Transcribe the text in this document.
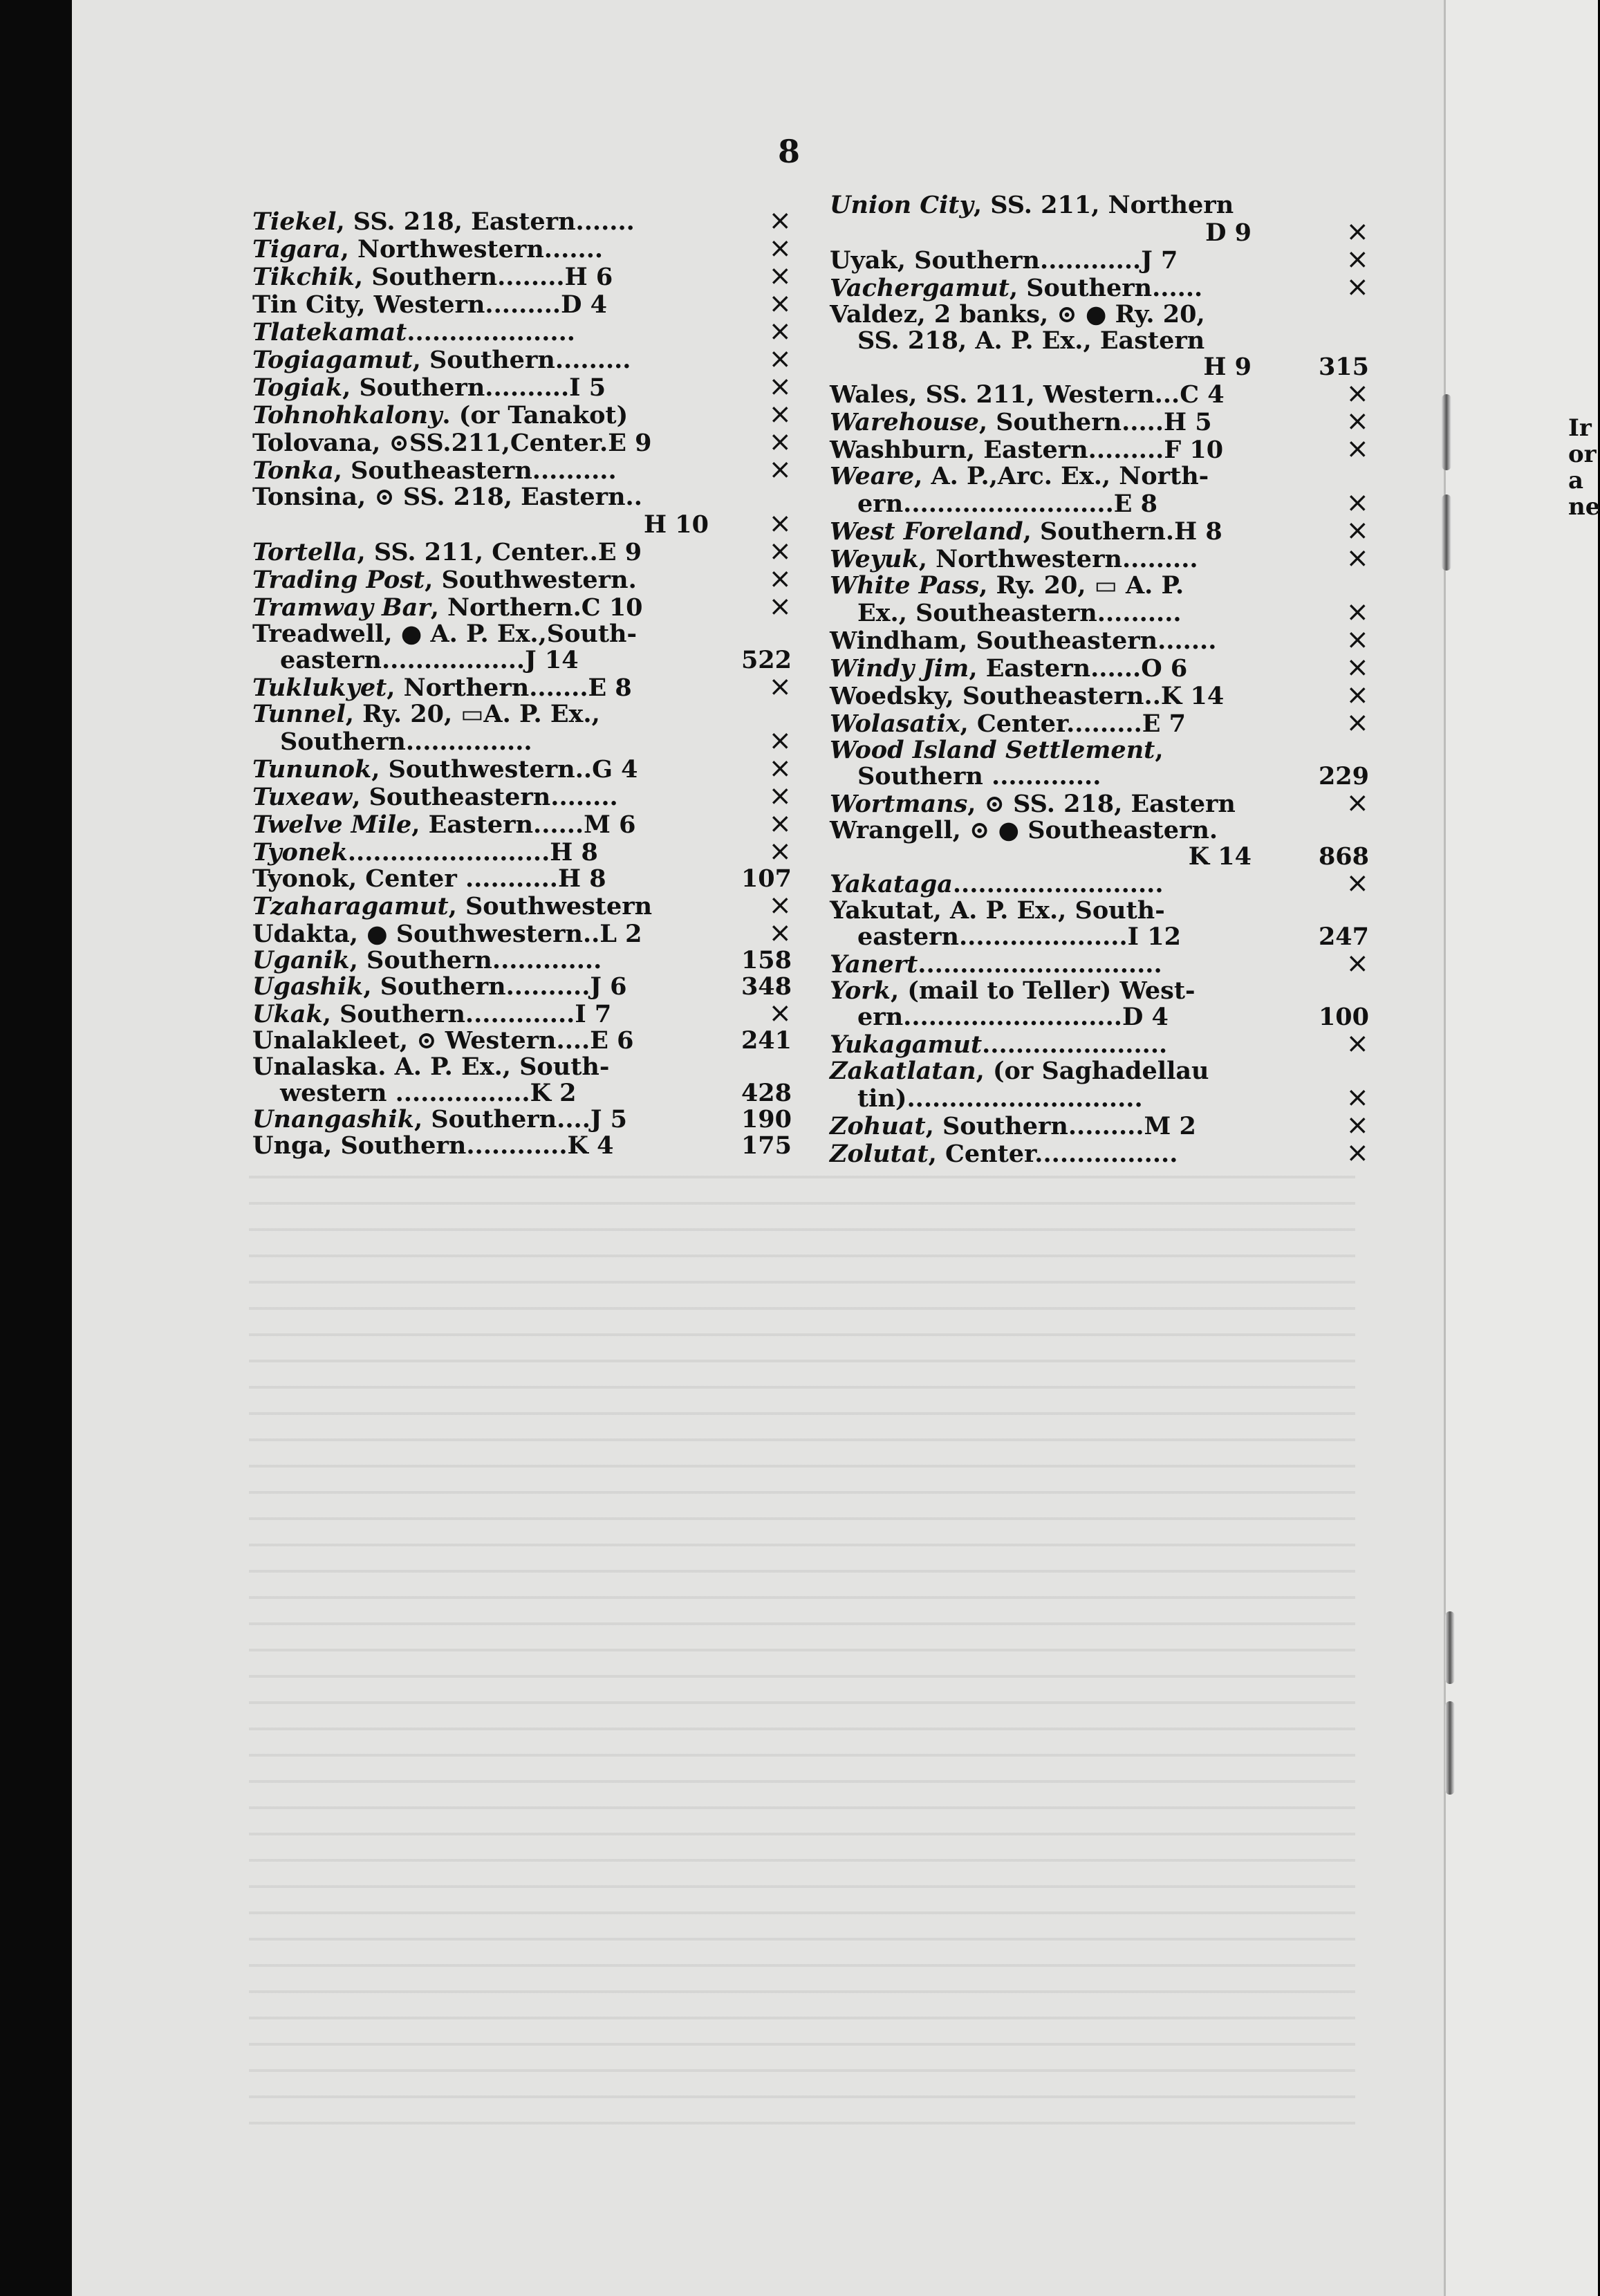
8
Tiekel, SS. 218, Eastern.......	×
Tigara, Northwestern.......	×
Tikchik, Southern........H 6	×
Tin City, Western.........D 4	×
Tlatekamat....................	×
Togiagamut, Southern.........	×
Togiak, Southern..........I 5	×
Tohnohkalony. (or Tanakot)	×
Tolovana, ⊙SS.211,Center.E 9	×
Tonka, Southeastern..........	×
Tonsina, ⊙ SS. 218, Eastern..
H 10	×
Tortella, SS. 211, Center..E 9	×
Trading Post, Southwestern.	×
Tramway Bar, Northern.C 10	×
Treadwell, ● A. P. Ex.,South-
eastern.................J 14	522
Tuklukyet, Northern.......E 8	×
Tunnel, Ry. 20, ▭A. P. Ex.,
Southern...............	×
Tununok, Southwestern..G 4	×
Tuxeaw, Southeastern........	×
Twelve Mile, Eastern......M 6	×
Tyonek........................H 8	×
Tyonok, Center ...........H 8	107
Tzaharagamut, Southwestern	×
Udakta, ● Southwestern..L 2	×
Uganik, Southern.............	158
Ugashik, Southern..........J 6	348
Ukak, Southern.............I 7	×
Unalakleet, ⊙ Western....E 6	241
Unalaska. A. P. Ex., South-
western ................K 2	428
Unangashik, Southern....J 5	190
Unga, Southern............K 4	175
Union City, SS. 211, Northern
D 9	×
Uyak, Southern............J 7	×
Vachergamut, Southern......	×
Valdez, 2 banks, ⊙ ● Ry. 20,
SS. 218, A. P. Ex., Eastern
H 9	315
Wales, SS. 211, Western...C 4	×
Warehouse, Southern.....H 5	×
Washburn, Eastern.........F 10	×
Weare, A. P.,Arc. Ex., North-
ern.........................E 8	×
West Foreland, Southern.H 8	×
Weyuk, Northwestern.........	×
White Pass, Ry. 20, ▭ A. P.
Ex., Southeastern..........	×
Windham, Southeastern.......	×
Windy Jim, Eastern......O 6	×
Woedsky, Southeastern..K 14	×
Wolasatix, Center.........E 7	×
Wood Island Settlement,
Southern .............	229
Wortmans, ⊙ SS. 218, Eastern	×
Wrangell, ⊙ ● Southeastern.
K 14	868
Yakataga.........................	×
Yakutat, A. P. Ex., South-
eastern....................I 12	247
Yanert.............................	×
York, (mail to Teller) West-
ern..........................D 4	100
Yukagamut......................	×
Zakatlatan, (or Saghadellau
tin)............................	×
Zohuat, Southern.........M 2	×
Zolutat, Center.................	×
Ir
or
a
ne
